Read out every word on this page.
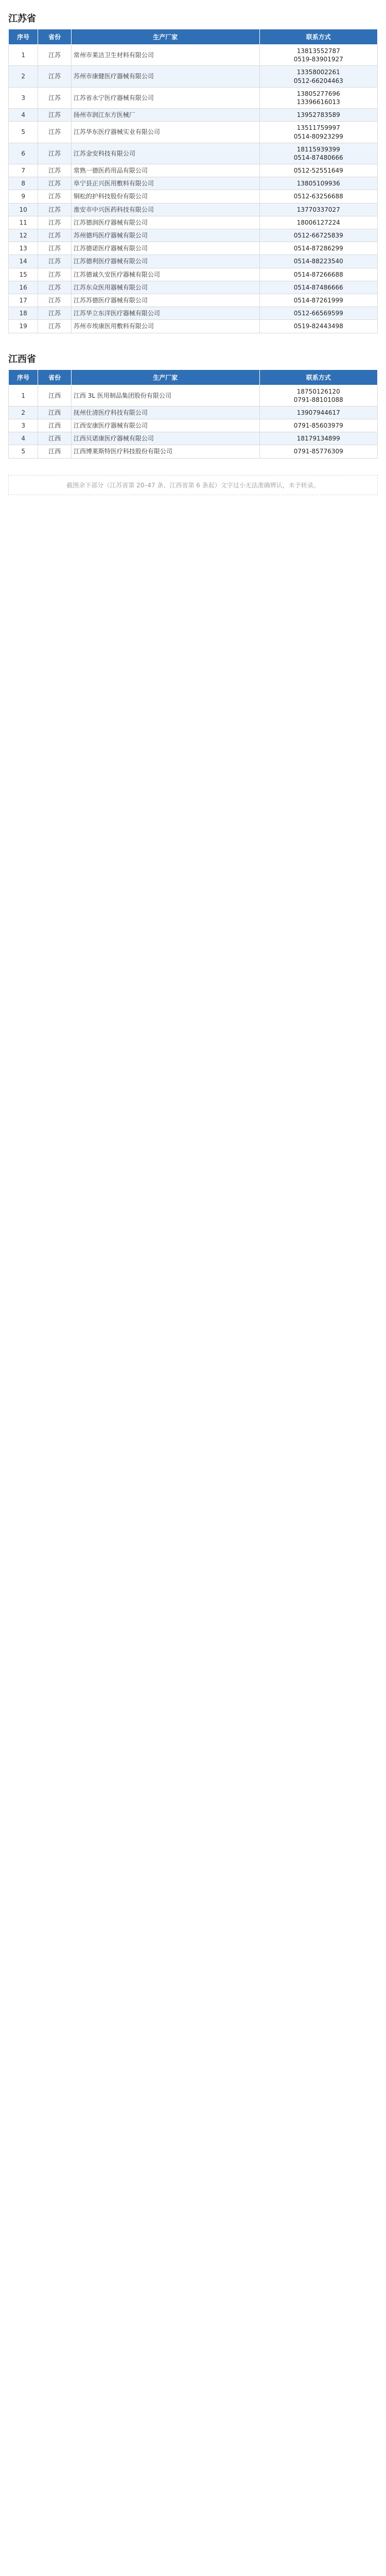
江苏省
序号	省份	生产厂家	联系方式
1	江苏	常州市莱洁卫生材料有限公司	13813552787
0519-83901927
2	江苏	苏州市康健医疗器械有限公司	13358002261
0512-66204463
3	江苏	江苏省永宁医疗器械有限公司	13805277696
13396616013
4	江苏	扬州市润江东方医械厂	13952783589
5	江苏	江苏华东医疗器械实业有限公司	13511759997
0514-80923299
6	江苏	江苏金安科技有限公司	18115939399
0514-87480666
7	江苏	常熟一德医药用品有限公司	0512-52551649
8	江苏	阜宁县正兴医用敷料有限公司	13805109936
9	江苏	铜松的护科技股份有限公司	0512-63256688
10	江苏	淮安市中兴医药科技有限公司	13770337027
11	江苏	江苏德润医疗器械有限公司	18006127224
12	江苏	苏州德玛医疗器械有限公司	0512-66725839
13	江苏	江苏德诺医疗器械有限公司	0514-87286299
14	江苏	江苏德利医疗器械有限公司	0514-88223540
15	江苏	江苏德诚久安医疗器械有限公司	0514-87266688
16	江苏	江苏东众医用器械有限公司	0514-87486666
17	江苏	江苏苏德医疗器械有限公司	0514-87261999
18	江苏	江苏华立东洋医疗器械有限公司	0512-66569599
19	江苏	苏州市埃康医用敷料有限公司	0519-82443498
江西省
序号	省份	生产厂家	联系方式
1	江西	江西 3L 医用制品集团股份有限公司	18750126120
0791-88101088
2	江西	抚州仕清医疗科技有限公司	13907944617
3	江西	江西安康医疗器械有限公司	0791-85603979
4	江西	江西贝诺康医疗器械有限公司	18179134899
5	江西	江西博莱斯特医疗科技股份有限公司	0791-85776309
截图余下部分（江苏省第 20–47 条、江西省第 6 条起）文字过小无法准确辨认，未予转录。
